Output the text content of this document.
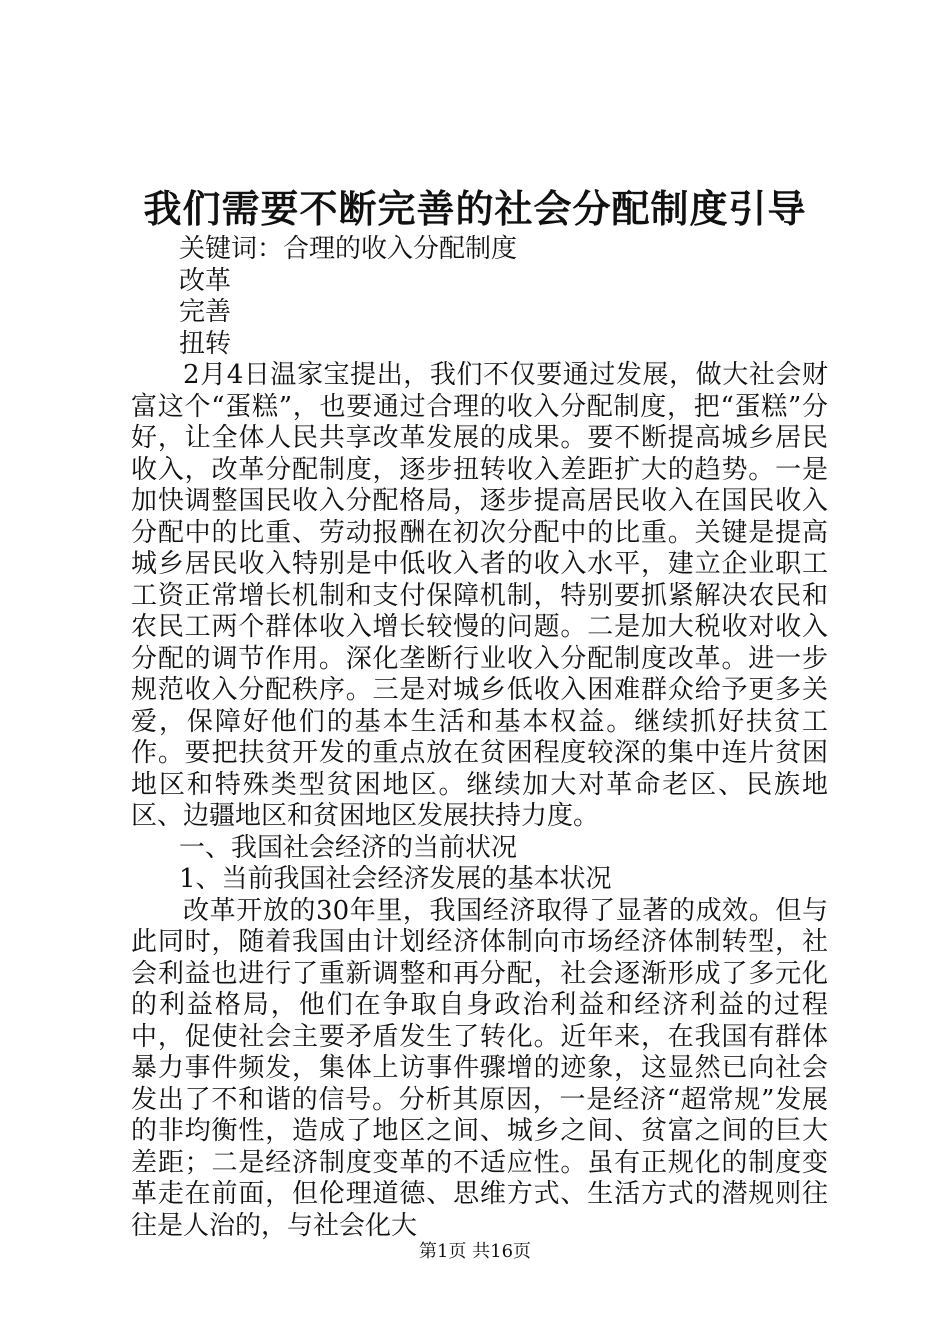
我们需要不断完善的社会分配制度引导
关键词：合理的收入分配制度
改革
完善
扭转

2月4日温家宝提出，我们不仅要通过发展，做大社会财富这个“蛋糕”，也要通过合理的收入分配制度，把“蛋糕”分好，让全体人民共享改革发展的成果。要不断提高城乡居民收入，改革分配制度，逐步扭转收入差距扩大的趋势。一是加快调整国民收入分配格局，逐步提高居民收入在国民收入分配中的比重、劳动报酬在初次分配中的比重。关键是提高城乡居民收入特别是中低收入者的收入水平，建立企业职工工资正常增长机制和支付保障机制，特别要抓紧解决农民和农民工两个群体收入增长较慢的问题。二是加大税收对收入分配的调节作用。深化垄断行业收入分配制度改革。进一步规范收入分配秩序。三是对城乡低收入困难群众给予更多关爱，保障好他们的基本生活和基本权益。继续抓好扶贫工作。要把扶贫开发的重点放在贫困程度较深的集中连片贫困地区和特殊类型贫困地区。继续加大对革命老区、民族地区、边疆地区和贫困地区发展扶持力度。

一、我国社会经济的当前状况

1、当前我国社会经济发展的基本状况

改革开放的30年里，我国经济取得了显著的成效。但与此同时，随着我国由计划经济体制向市场经济体制转型，社会利益也进行了重新调整和再分配，社会逐渐形成了多元化的利益格局，他们在争取自身政治利益和经济利益的过程中，促使社会主要矛盾发生了转化。近年来，在我国有群体暴力事件频发，集体上访事件骤增的迹象，这显然已向社会发出了不和谐的信号。分析其原因，一是经济“超常规”发展的非均衡性，造成了地区之间、城乡之间、贫富之间的巨大差距；二是经济制度变革的不适应性。虽有正规化的制度变革走在前面，但伦理道德、思维方式、生活方式的潜规则往往是人治的，与社会化大

第1页 共16页
